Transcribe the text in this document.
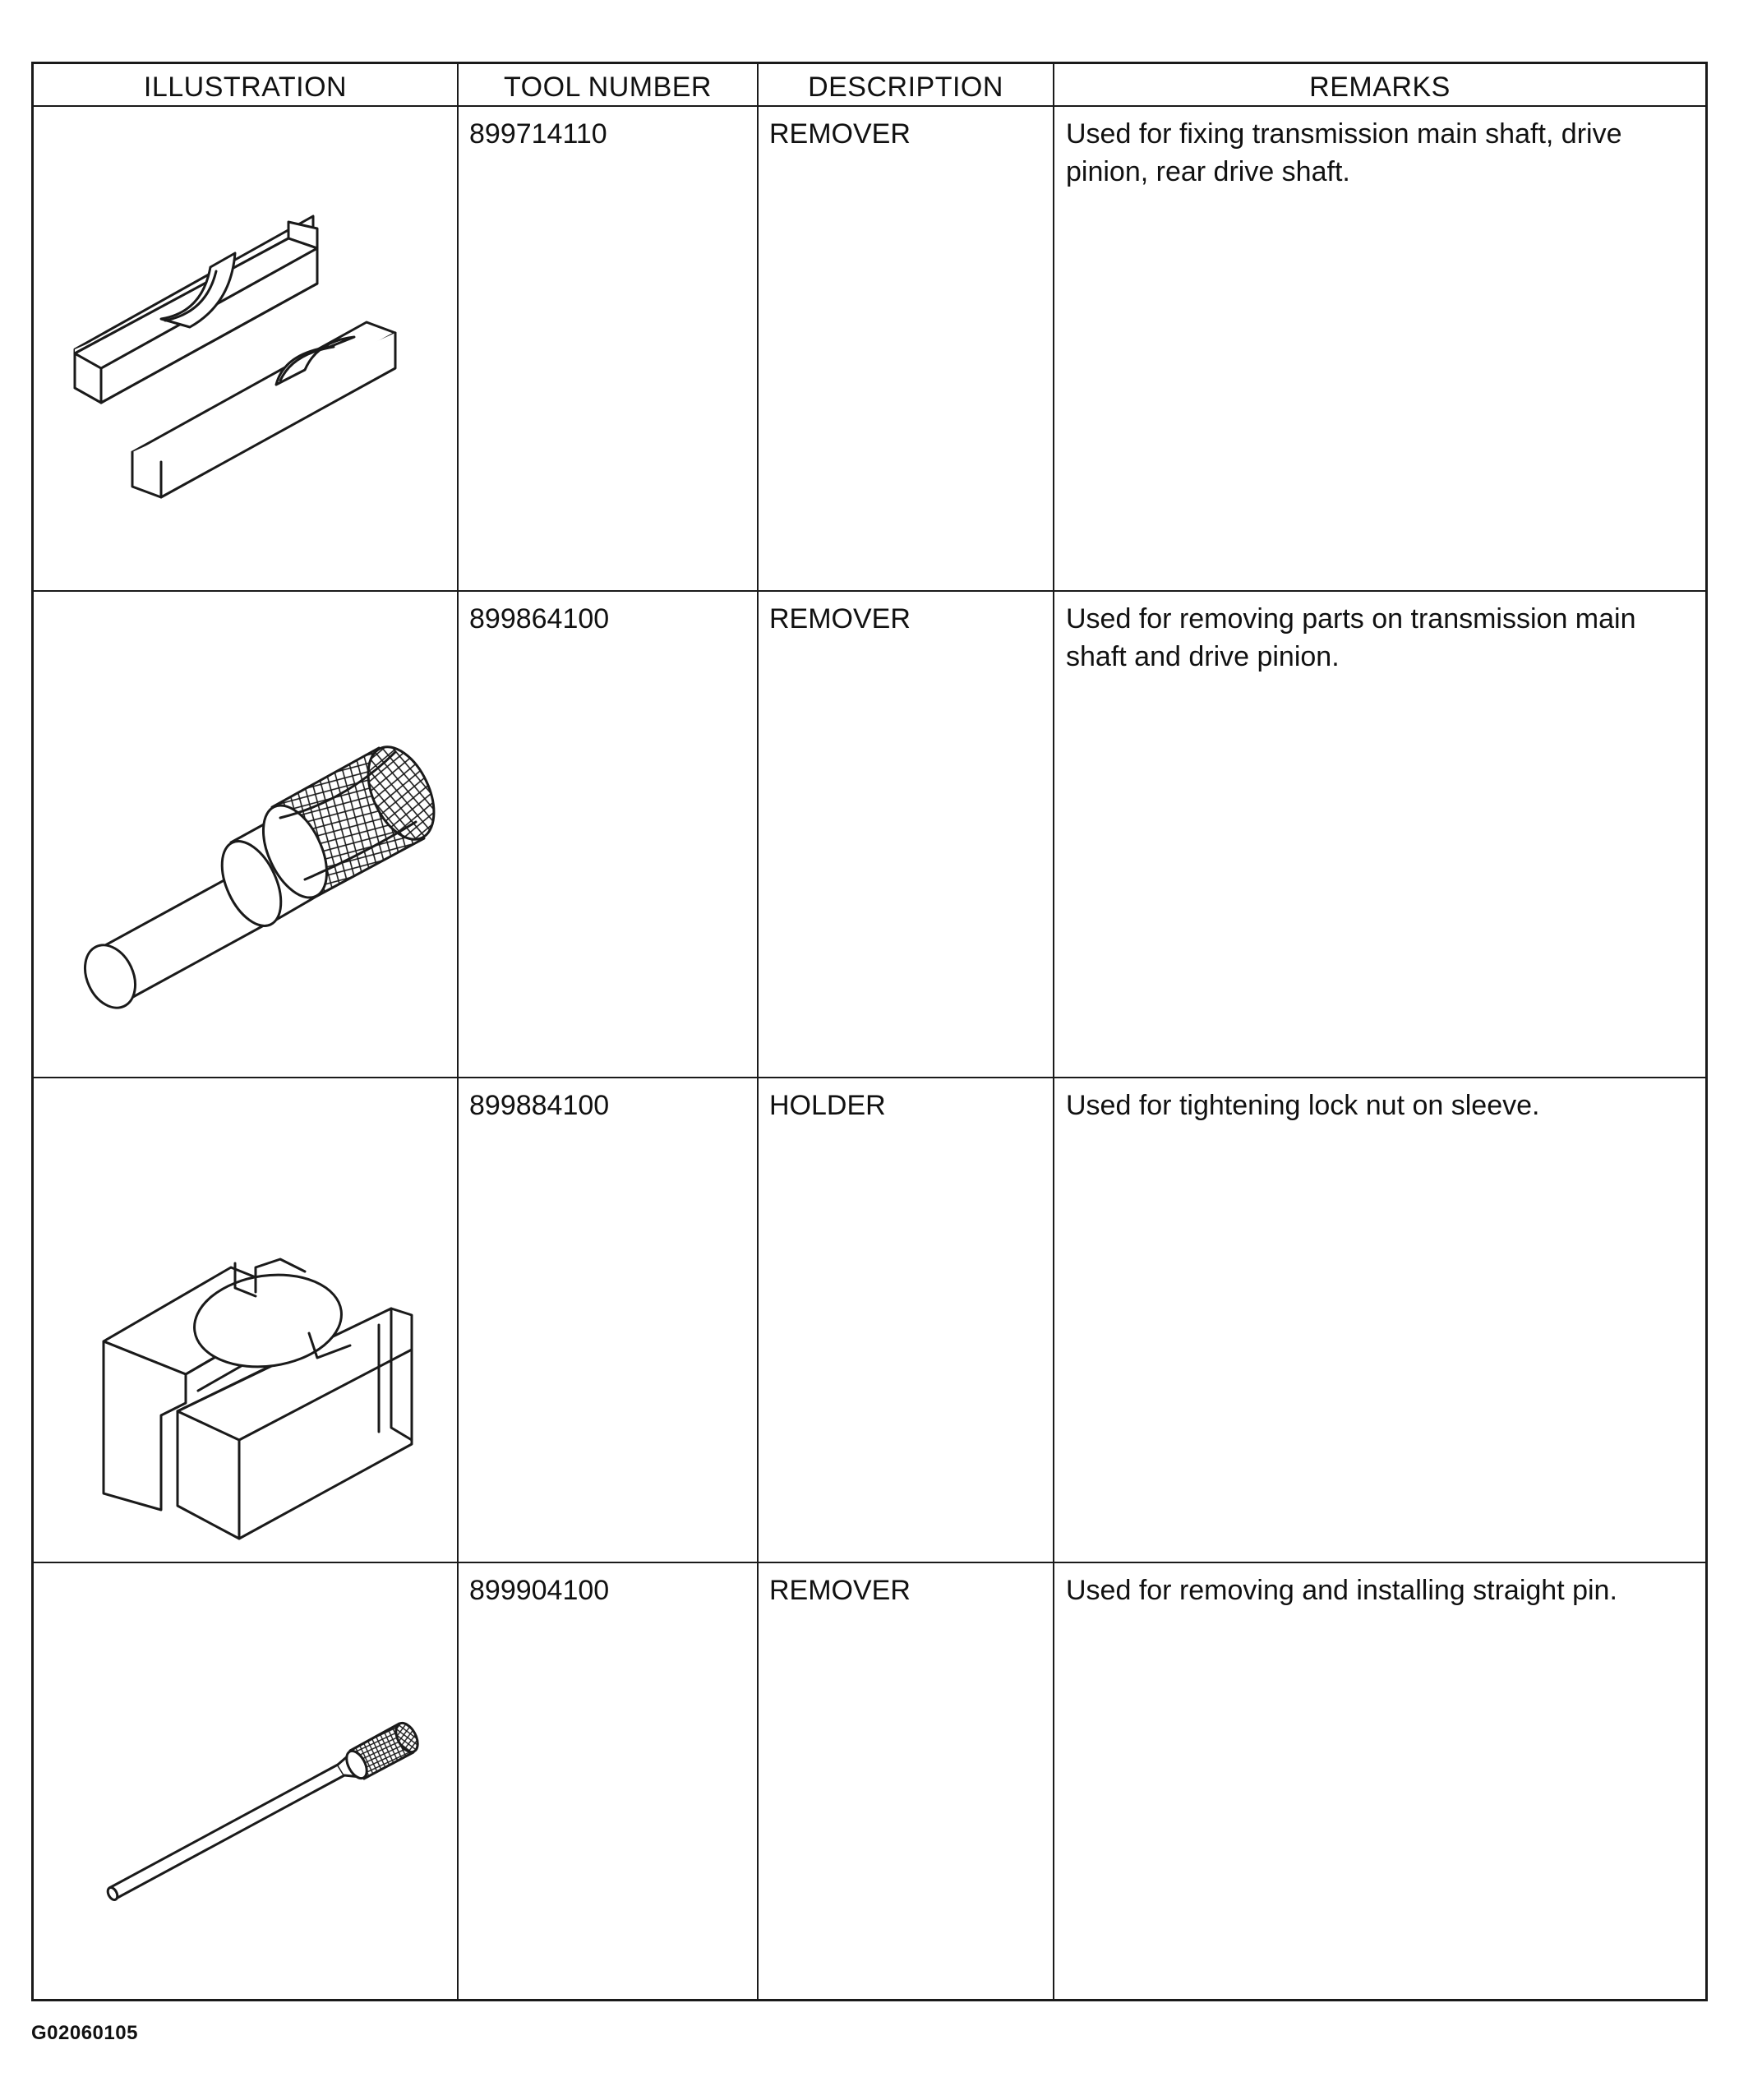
ILLUSTRATION	TOOL NUMBER	DESCRIPTION	REMARKS
899714110	REMOVER	Used for fixing transmission main shaft, drive pinion, rear drive shaft.
899864100	REMOVER	Used for removing parts on transmission main shaft and drive pinion.
899884100	HOLDER	Used for tightening lock nut on sleeve.
899904100	REMOVER	Used for removing and installing straight pin.
G02060105
